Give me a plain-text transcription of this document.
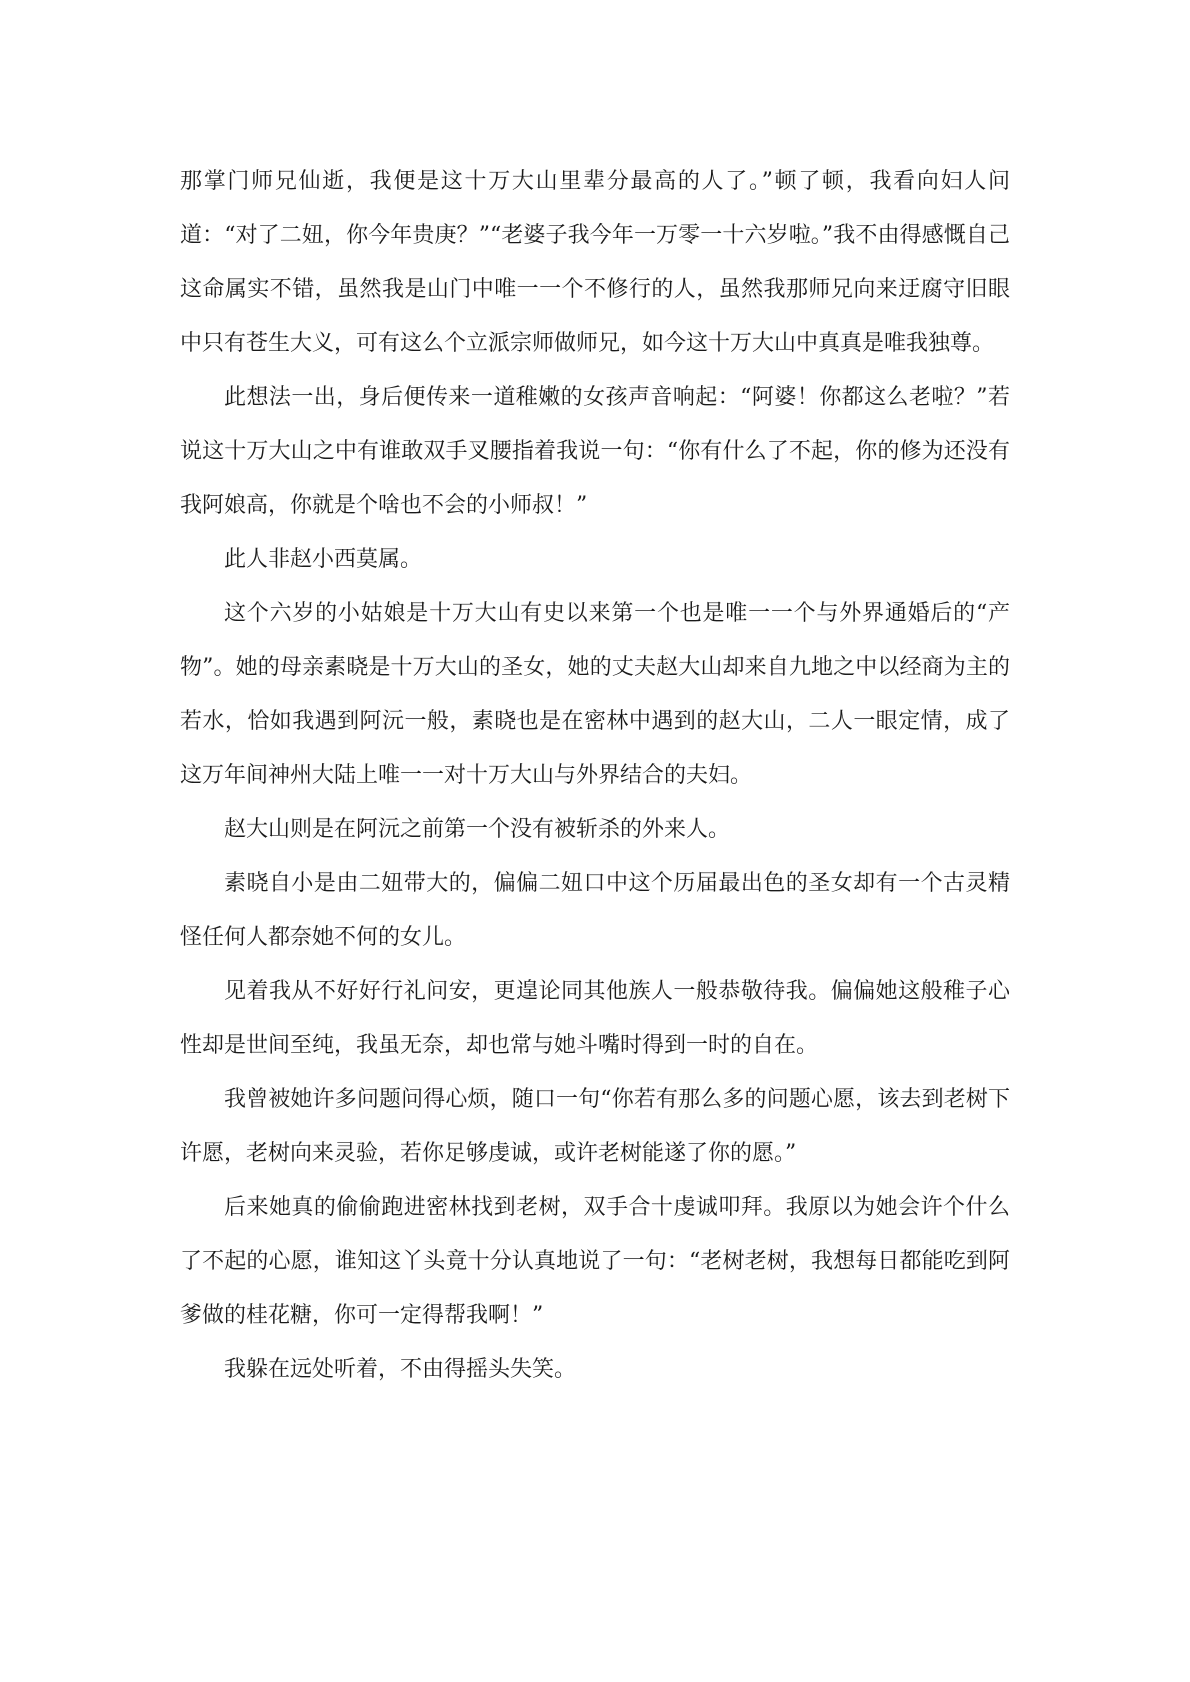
那掌门师兄仙逝，我便是这十万大山里辈分最高的人了。”顿了顿，我看向妇人问道：“对了二妞，你今年贵庚？”“老婆子我今年一万零一十六岁啦。”我不由得感慨自己这命属实不错，虽然我是山门中唯一一个不修行的人，虽然我那师兄向来迂腐守旧眼中只有苍生大义，可有这么个立派宗师做师兄，如今这十万大山中真真是唯我独尊。

此想法一出，身后便传来一道稚嫩的女孩声音响起：“阿婆！你都这么老啦？”若说这十万大山之中有谁敢双手叉腰指着我说一句：“你有什么了不起，你的修为还没有我阿娘高，你就是个啥也不会的小师叔！”

此人非赵小西莫属。

这个六岁的小姑娘是十万大山有史以来第一个也是唯一一个与外界通婚后的“产物”。她的母亲素晓是十万大山的圣女，她的丈夫赵大山却来自九地之中以经商为主的若水，恰如我遇到阿沅一般，素晓也是在密林中遇到的赵大山，二人一眼定情，成了这万年间神州大陆上唯一一对十万大山与外界结合的夫妇。

赵大山则是在阿沅之前第一个没有被斩杀的外来人。

素晓自小是由二妞带大的，偏偏二妞口中这个历届最出色的圣女却有一个古灵精怪任何人都奈她不何的女儿。

见着我从不好好行礼问安，更遑论同其他族人一般恭敬待我。偏偏她这般稚子心性却是世间至纯，我虽无奈，却也常与她斗嘴时得到一时的自在。

我曾被她许多问题问得心烦，随口一句“你若有那么多的问题心愿，该去到老树下许愿，老树向来灵验，若你足够虔诚，或许老树能遂了你的愿。”

后来她真的偷偷跑进密林找到老树，双手合十虔诚叩拜。我原以为她会许个什么了不起的心愿，谁知这丫头竟十分认真地说了一句：“老树老树，我想每日都能吃到阿爹做的桂花糖，你可一定得帮我啊！”

我躲在远处听着，不由得摇头失笑。
